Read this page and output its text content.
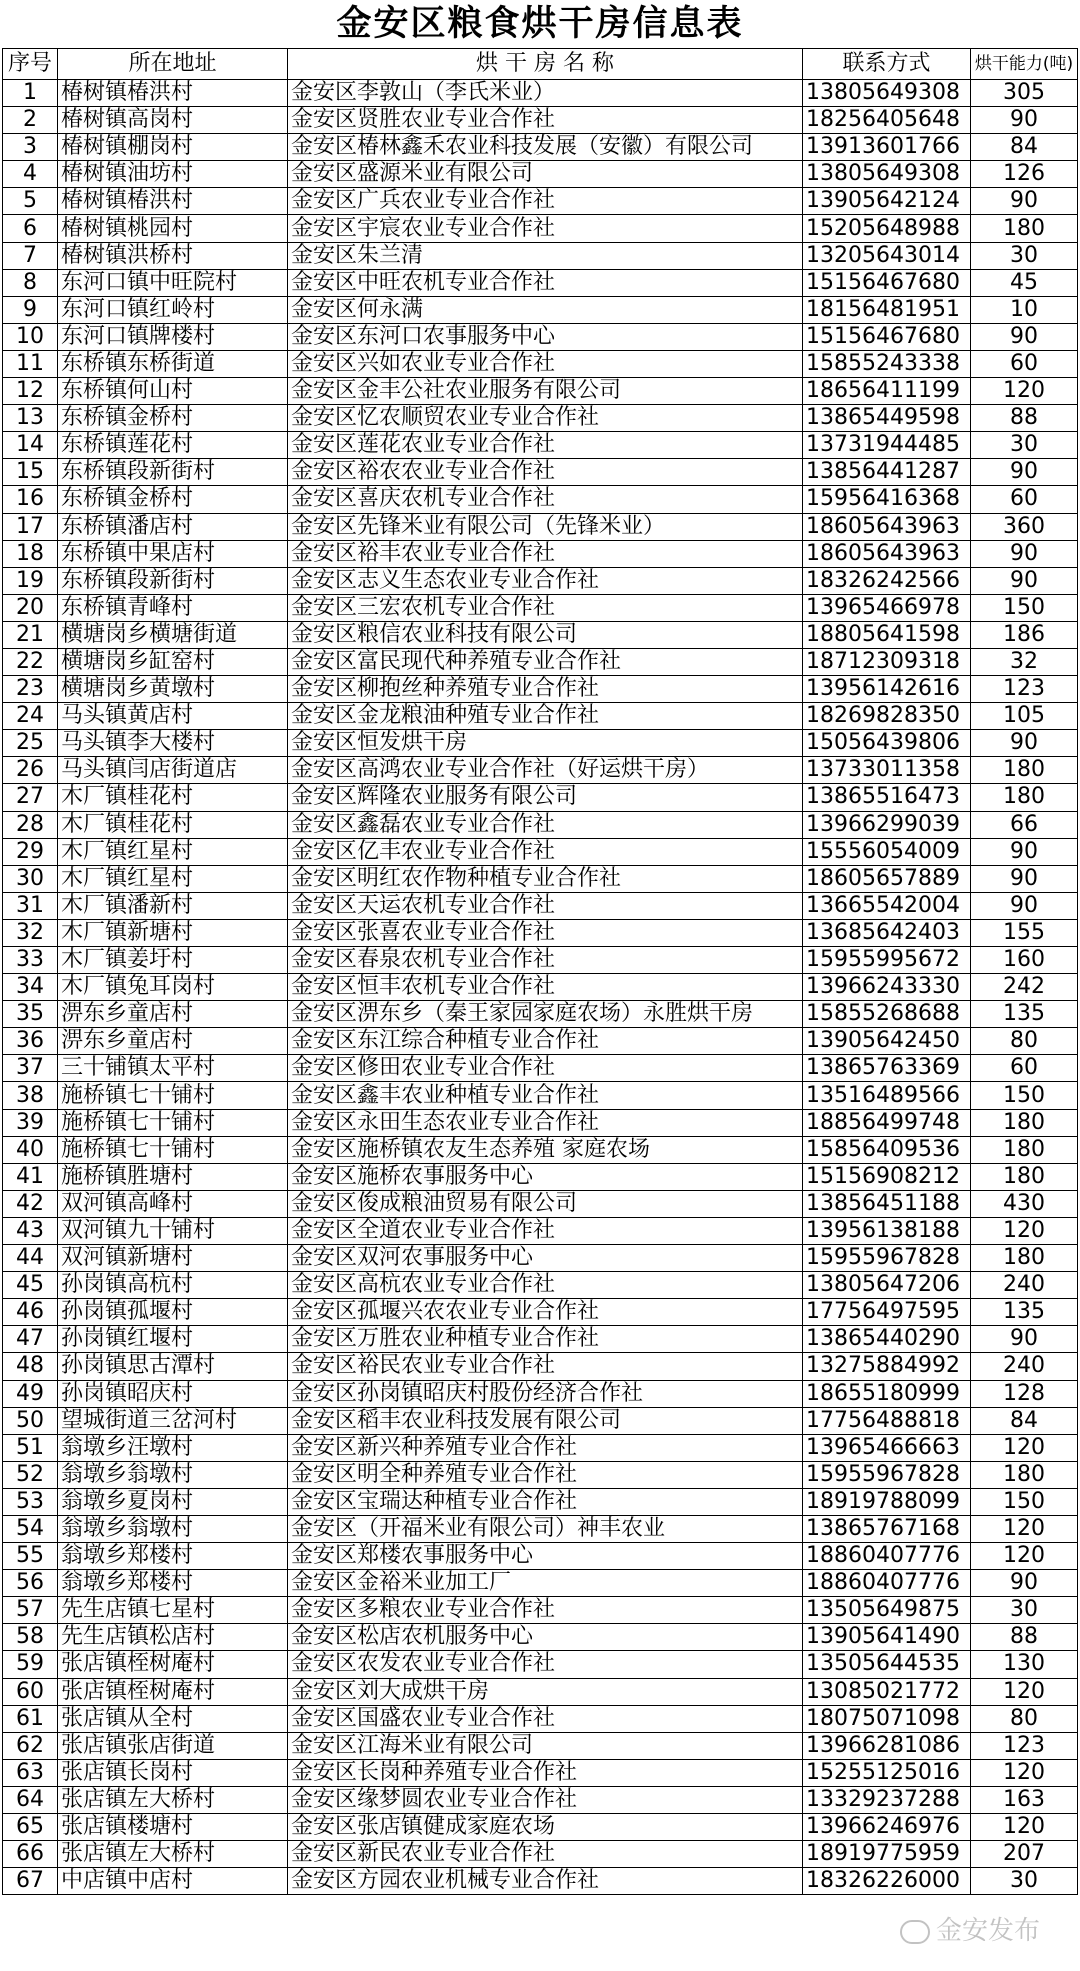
金安区粮食烘干房信息表
序号	所在地址	烘 干 房 名 称	联系方式	烘干能力(吨)
1	椿树镇椿洪村	金安区李敦山（李氏米业）	13805649308	305
2	椿树镇高岗村	金安区贤胜农业专业合作社	18256405648	90
3	椿树镇棚岗村	金安区椿林鑫禾农业科技发展（安徽）有限公司	13913601766	84
4	椿树镇油坊村	金安区盛源米业有限公司	13805649308	126
5	椿树镇椿洪村	金安区广兵农业专业合作社	13905642124	90
6	椿树镇桃园村	金安区宇宸农业专业合作社	15205648988	180
7	椿树镇洪桥村	金安区朱兰清	13205643014	30
8	东河口镇中旺院村	金安区中旺农机专业合作社	15156467680	45
9	东河口镇红岭村	金安区何永满	18156481951	10
10	东河口镇牌楼村	金安区东河口农事服务中心	15156467680	90
11	东桥镇东桥街道	金安区兴如农业专业合作社	15855243338	60
12	东桥镇何山村	金安区金丰公社农业服务有限公司	18656411199	120
13	东桥镇金桥村	金安区忆农顺贸农业专业合作社	13865449598	88
14	东桥镇莲花村	金安区莲花农业专业合作社	13731944485	30
15	东桥镇段新街村	金安区裕农农业专业合作社	13856441287	90
16	东桥镇金桥村	金安区喜庆农机专业合作社	15956416368	60
17	东桥镇潘店村	金安区先锋米业有限公司（先锋米业）	18605643963	360
18	东桥镇中果店村	金安区裕丰农业专业合作社	18605643963	90
19	东桥镇段新街村	金安区志义生态农业专业合作社	18326242566	90
20	东桥镇青峰村	金安区三宏农机专业合作社	13965466978	150
21	横塘岗乡横塘街道	金安区粮信农业科技有限公司	18805641598	186
22	横塘岗乡缸窑村	金安区富民现代种养殖专业合作社	18712309318	32
23	横塘岗乡黄墩村	金安区柳抱丝种养殖专业合作社	13956142616	123
24	马头镇黄店村	金安区金龙粮油种殖专业合作社	18269828350	105
25	马头镇李大楼村	金安区恒发烘干房	15056439806	90
26	马头镇闫店街道店	金安区高鸿农业专业合作社（好运烘干房）	13733011358	180
27	木厂镇桂花村	金安区辉隆农业服务有限公司	13865516473	180
28	木厂镇桂花村	金安区鑫磊农业专业合作社	13966299039	66
29	木厂镇红星村	金安区亿丰农业专业合作社	15556054009	90
30	木厂镇红星村	金安区明红农作物种植专业合作社	18605657889	90
31	木厂镇潘新村	金安区天运农机专业合作社	13665542004	90
32	木厂镇新塘村	金安区张喜农业专业合作社	13685642403	155
33	木厂镇姜圩村	金安区春泉农机专业合作社	15955995672	160
34	木厂镇兔耳岗村	金安区恒丰农机专业合作社	13966243330	242
35	淠东乡童店村	金安区淠东乡（秦王家园家庭农场）永胜烘干房	15855268688	135
36	淠东乡童店村	金安区东江综合种植专业合作社	13905642450	80
37	三十铺镇太平村	金安区修田农业专业合作社	13865763369	60
38	施桥镇七十铺村	金安区鑫丰农业种植专业合作社	13516489566	150
39	施桥镇七十铺村	金安区永田生态农业专业合作社	18856499748	180
40	施桥镇七十铺村	金安区施桥镇农友生态养殖 家庭农场	15856409536	180
41	施桥镇胜塘村	金安区施桥农事服务中心	15156908212	180
42	双河镇高峰村	金安区俊成粮油贸易有限公司	13856451188	430
43	双河镇九十铺村	金安区全道农业专业合作社	13956138188	120
44	双河镇新塘村	金安区双河农事服务中心	15955967828	180
45	孙岗镇高杭村	金安区高杭农业专业合作社	13805647206	240
46	孙岗镇孤堰村	金安区孤堰兴农农业专业合作社	17756497595	135
47	孙岗镇红堰村	金安区万胜农业种植专业合作社	13865440290	90
48	孙岗镇思古潭村	金安区裕民农业专业合作社	13275884992	240
49	孙岗镇昭庆村	金安区孙岗镇昭庆村股份经济合作社	18655180999	128
50	望城街道三岔河村	金安区稻丰农业科技发展有限公司	17756488818	84
51	翁墩乡汪墩村	金安区新兴种养殖专业合作社	13965466663	120
52	翁墩乡翁墩村	金安区明全种养殖专业合作社	15955967828	180
53	翁墩乡夏岗村	金安区宝瑞达种植专业合作社	18919788099	150
54	翁墩乡翁墩村	金安区（开福米业有限公司）神丰农业	13865767168	120
55	翁墩乡郑楼村	金安区郑楼农事服务中心	18860407776	120
56	翁墩乡郑楼村	金安区金裕米业加工厂	18860407776	90
57	先生店镇七星村	金安区多粮农业专业合作社	13505649875	30
58	先生店镇松店村	金安区松店农机服务中心	13905641490	88
59	张店镇桎树庵村	金安区农发农业专业合作社	13505644535	130
60	张店镇桎树庵村	金安区刘大成烘干房	13085021772	120
61	张店镇从全村	金安区国盛农业专业合作社	18075071098	80
62	张店镇张店街道	金安区江海米业有限公司	13966281086	123
63	张店镇长岗村	金安区长岗种养殖专业合作社	15255125016	120
64	张店镇左大桥村	金安区缘梦圆农业专业合作社	13329237288	163
65	张店镇楼塘村	金安区张店镇健成家庭农场	13966246976	120
66	张店镇左大桥村	金安区新民农业专业合作社	18919775959	207
67	中店镇中店村	金安区方园农业机械专业合作社	18326226000	30
金安发布
